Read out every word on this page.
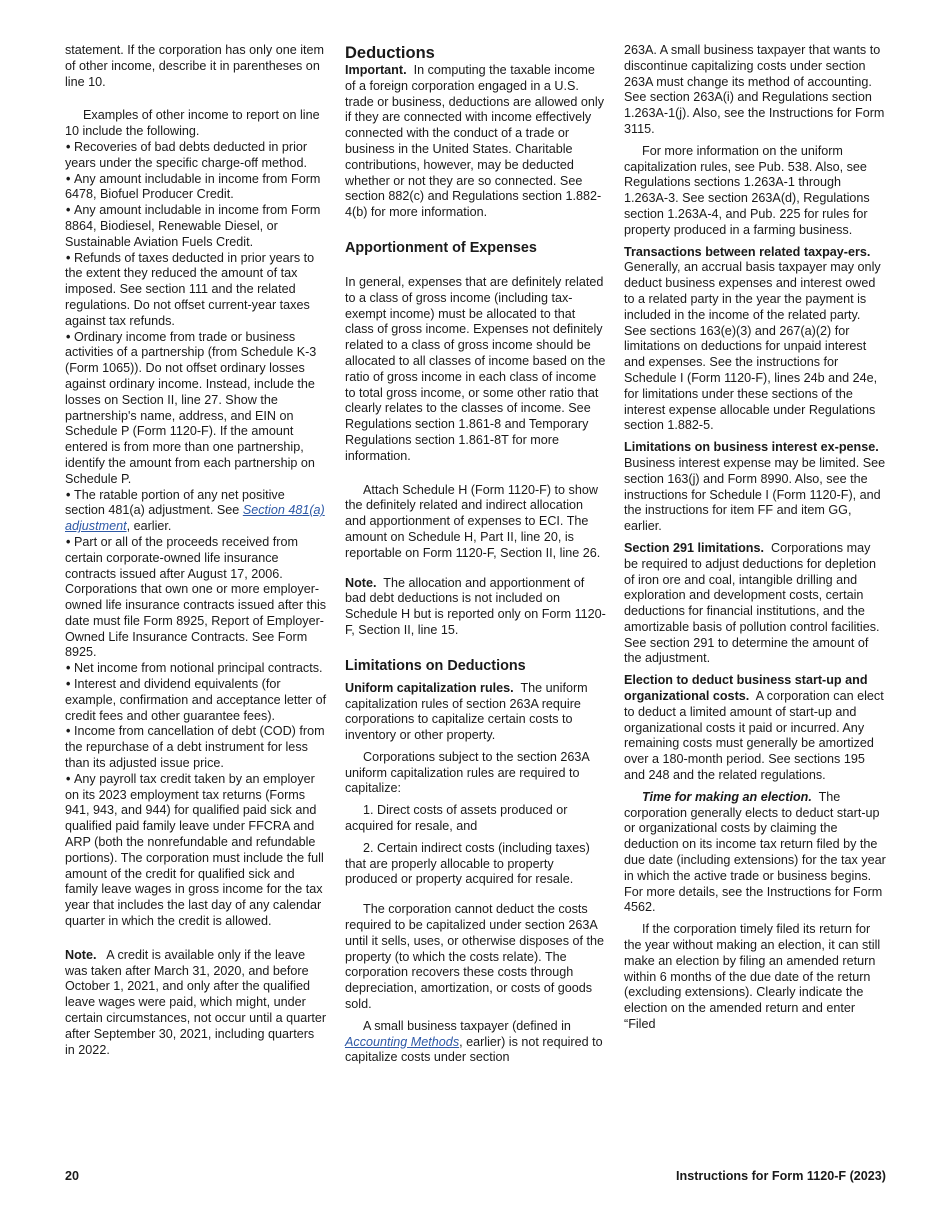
statement. If the corporation has only one item of other income, describe it in parentheses on line 10.

Examples of other income to report on line 10 include the following.

• Recoveries of bad debts deducted in prior years under the specific charge-off method.

• Any amount includable in income from Form 6478, Biofuel Producer Credit.

• Any amount includable in income from Form 8864, Biodiesel, Renewable Diesel, or Sustainable Aviation Fuels Credit.

• Refunds of taxes deducted in prior years to the extent they reduced the amount of tax imposed. See section 111 and the related regulations. Do not offset current-year taxes against tax refunds.

• Ordinary income from trade or business activities of a partnership (from Schedule K-3 (Form 1065)). Do not offset ordinary losses against ordinary income. Instead, include the losses on Section II, line 27. Show the partnership's name, address, and EIN on Schedule P (Form 1120-F). If the amount entered is from more than one partnership, identify the amount from each partnership on Schedule P.

• The ratable portion of any net positive section 481(a) adjustment. See Section 481(a) adjustment, earlier.

• Part or all of the proceeds received from certain corporate-owned life insurance contracts issued after August 17, 2006. Corporations that own one or more employer-owned life insurance contracts issued after this date must file Form 8925, Report of Employer-Owned Life Insurance Contracts. See Form 8925.

• Net income from notional principal contracts.

• Interest and dividend equivalents (for example, confirmation and acceptance letter of credit fees and other guarantee fees).

• Income from cancellation of debt (COD) from the repurchase of a debt instrument for less than its adjusted issue price.

• Any payroll tax credit taken by an employer on its 2023 employment tax returns (Forms 941, 943, and 944) for qualified paid sick and qualified paid family leave under FFCRA and ARP (both the nonrefundable and refundable portions). The corporation must include the full amount of the credit for qualified sick and family leave wages in gross income for the tax year that includes the last day of any calendar quarter in which the credit is allowed.

Note. A credit is available only if the leave was taken after March 31, 2020, and before October 1, 2021, and only after the qualified leave wages were paid, which might, under certain circumstances, not occur until a quarter after September 30, 2021, including quarters in 2022.

Deductions

Important. In computing the taxable income of a foreign corporation engaged in a U.S. trade or business, deductions are allowed only if they are connected with income effectively connected with the conduct of a trade or business in the United States. Charitable contributions, however, may be deducted whether or not they are so connected. See section 882(c) and Regulations section 1.882-4(b) for more information.

Apportionment of Expenses

In general, expenses that are definitely related to a class of gross income (including tax-exempt income) must be allocated to that class of gross income. Expenses not definitely related to a class of gross income should be allocated to all classes of income based on the ratio of gross income in each class of income to total gross income, or some other ratio that clearly relates to the classes of income. See Regulations section 1.861-8 and Temporary Regulations section 1.861-8T for more information.

Attach Schedule H (Form 1120-F) to show the definitely related and indirect allocation and apportionment of expenses to ECI. The amount on Schedule H, Part II, line 20, is reportable on Form 1120-F, Section II, line 26.

Note. The allocation and apportionment of bad debt deductions is not included on Schedule H but is reported only on Form 1120-F, Section II, line 15.

Limitations on Deductions

Uniform capitalization rules. The uniform capitalization rules of section 263A require corporations to capitalize certain costs to inventory or other property.

Corporations subject to the section 263A uniform capitalization rules are required to capitalize:

1. Direct costs of assets produced or acquired for resale, and

2. Certain indirect costs (including taxes) that are properly allocable to property produced or property acquired for resale.

The corporation cannot deduct the costs required to be capitalized under section 263A until it sells, uses, or otherwise disposes of the property (to which the costs relate). The corporation recovers these costs through depreciation, amortization, or costs of goods sold.

A small business taxpayer (defined in Accounting Methods, earlier) is not required to capitalize costs under section

263A. A small business taxpayer that wants to discontinue capitalizing costs under section 263A must change its method of accounting. See section 263A(i) and Regulations section 1.263A-1(j). Also, see the Instructions for Form 3115.

For more information on the uniform capitalization rules, see Pub. 538. Also, see Regulations sections 1.263A-1 through 1.263A-3. See section 263A(d), Regulations section 1.263A-4, and Pub. 225 for rules for property produced in a farming business.

Transactions between related taxpay-ers.  Generally, an accrual basis taxpayer may only deduct business expenses and interest owed to a related party in the year the payment is included in the income of the related party. See sections 163(e)(3) and 267(a)(2) for limitations on deductions for unpaid interest and expenses. See the instructions for Schedule I (Form 1120-F), lines 24b and 24e, for limitations under these sections of the interest expense allocable under Regulations section 1.882-5.

Limitations on business interest ex-pense.  Business interest expense may be limited. See section 163(j) and Form 8990. Also, see the instructions for Schedule I (Form 1120-F), and the instructions for item FF and item GG, earlier.

Section 291 limitations. Corporations may be required to adjust deductions for depletion of iron ore and coal, intangible drilling and exploration and development costs, certain deductions for financial institutions, and the amortizable basis of pollution control facilities. See section 291 to determine the amount of the adjustment.

Election to deduct business start-up and organizational costs. A corporation can elect to deduct a limited amount of start-up and organizational costs it paid or incurred. Any remaining costs must generally be amortized over a 180-month period. See sections 195 and 248 and the related regulations.

Time for making an election. The corporation generally elects to deduct start-up or organizational costs by claiming the deduction on its income tax return filed by the due date (including extensions) for the tax year in which the active trade or business begins. For more details, see the Instructions for Form 4562.

If the corporation timely filed its return for the year without making an election, it can still make an election by filing an amended return within 6 months of the due date of the return (excluding extensions). Clearly indicate the election on the amended return and enter “Filed

20	Instructions for Form 1120-F (2023)
